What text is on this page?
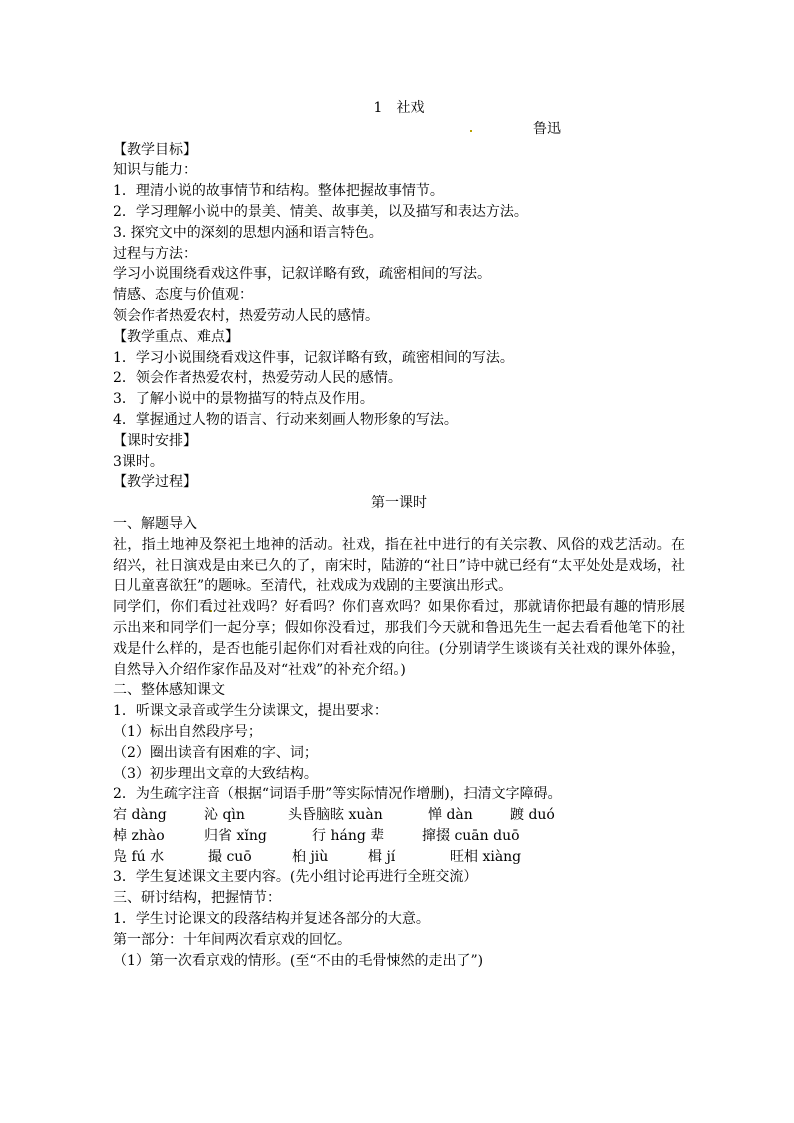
1　社戏
鲁迅
【教学目标】
知识与能力：
1．理清小说的故事情节和结构。整体把握故事情节。
2．学习理解小说中的景美、情美、故事美，以及描写和表达方法。
3. 探究文中的深刻的思想内涵和语言特色。
过程与方法：
学习小说围绕看戏这件事，记叙详略有致，疏密相间的写法。
情感、态度与价值观：
领会作者热爱农村，热爱劳动人民的感情。
【教学重点、难点】
1．学习小说围绕看戏这件事，记叙详略有致，疏密相间的写法。
2．领会作者热爱农村，热爱劳动人民的感情。
3．了解小说中的景物描写的特点及作用。
4．掌握通过人物的语言、行动来刻画人物形象的写法。
【课时安排】
3课时。
【教学过程】
第一课时
一、解题导入
社，指土地神及祭祀土地神的活动。社戏，指在社中进行的有关宗教、风俗的戏艺活动。在绍兴，社日演戏是由来已久的了，南宋时，陆游的“社日”诗中就已经有“太平处处是戏场，社日儿童喜欲狂”的题咏。至清代，社戏成为戏剧的主要演出形式。
同学们，你们看过社戏吗？好看吗？你们喜欢吗？如果你看过，那就请你把最有趣的情形展示出来和同学们一起分享；假如你没看过，那我们今天就和鲁迅先生一起去看看他笔下的社戏是什么样的，是否也能引起你们对看社戏的向往。(分别请学生谈谈有关社戏的课外体验，自然导入介绍作家作品及对“社戏”的补充介绍。)
二、整体感知课文
1．听课文录音或学生分读课文，提出要求：
（1）标出自然段序号；
（2）圈出读音有困难的字、词；
（3）初步理出文章的大致结构。
2．为生疏字注音（根据“词语手册”等实际情况作增删)，扫清文字障碍。
宕 dàng	沁 qìn	头昏脑眩 xuàn	惮 dàn	踱 duó
棹 zhào	归省 xǐng	行 háng 辈	撺掇 cuān duō
凫 fú 水	撮 cuō	桕 jiù	楫 jí	旺相 xiàng
3．学生复述课文主要内容。(先小组讨论再进行全班交流）
三、研讨结构，把握情节：
1．学生讨论课文的段落结构并复述各部分的大意。
第一部分：十年间两次看京戏的回忆。
（1）第一次看京戏的情形。(至“不由的毛骨悚然的走出了”)
